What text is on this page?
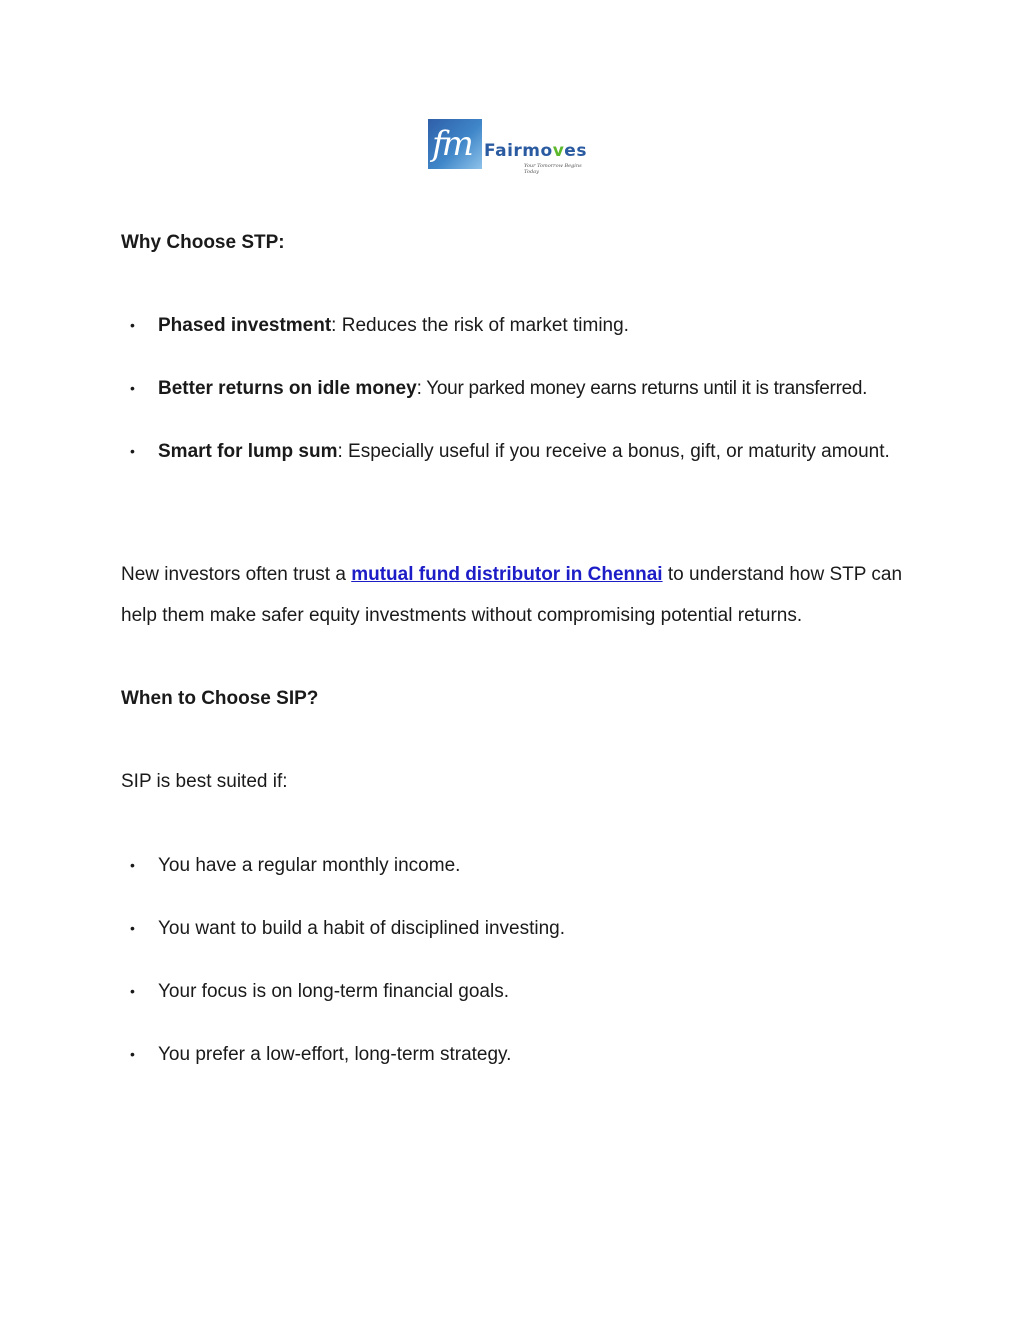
fm Fairmoves
Your Tomorrow Begins Today

Why Choose STP:

• Phased investment: Reduces the risk of market timing.
• Better returns on idle money: Your parked money earns returns until it is transferred.
• Smart for lump sum: Especially useful if you receive a bonus, gift, or maturity amount.

New investors often trust a mutual fund distributor in Chennai to understand how STP can help them make safer equity investments without compromising potential returns.

When to Choose SIP?

SIP is best suited if:

• You have a regular monthly income.
• You want to build a habit of disciplined investing.
• Your focus is on long-term financial goals.
• You prefer a low-effort, long-term strategy.
